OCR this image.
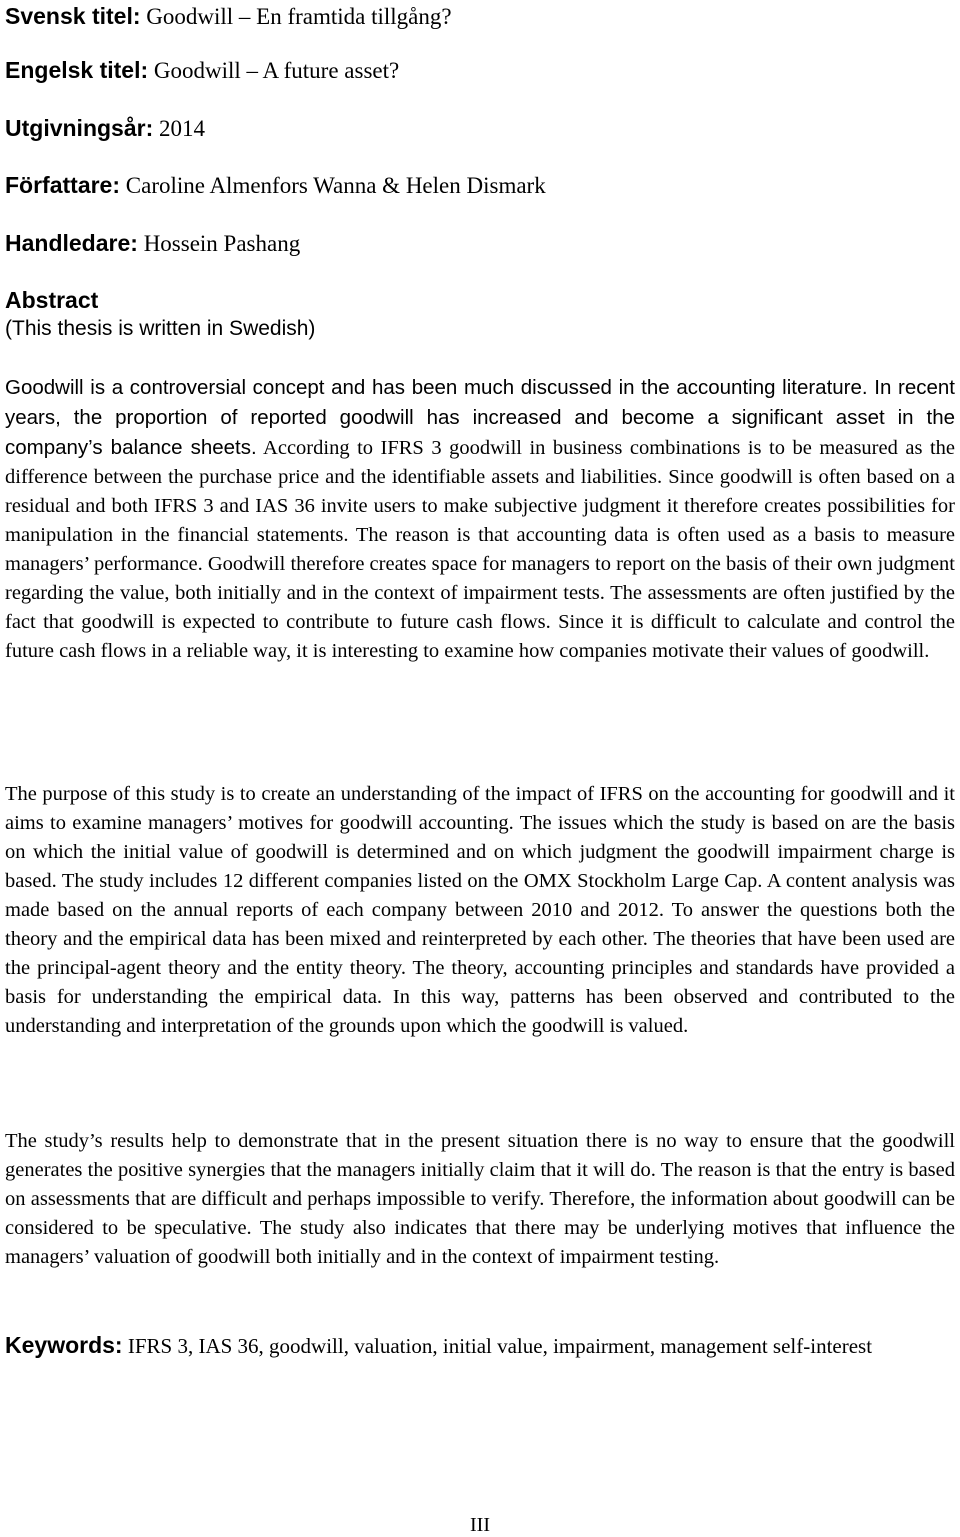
Svensk titel: Goodwill – En framtida tillgång?
Engelsk titel: Goodwill – A future asset?
Utgivningsår: 2014
Författare: Caroline Almenfors Wanna & Helen Dismark
Handledare: Hossein Pashang
Abstract
(This thesis is written in Swedish)
Goodwill is a controversial concept and has been much discussed in the accounting literature. In recent years, the proportion of reported goodwill has increased and become a significant asset in the company’s balance sheets. According to IFRS 3 goodwill in business combinations is to be measured as the difference between the purchase price and the identifiable assets and liabilities. Since goodwill is often based on a residual and both IFRS 3 and IAS 36 invite users to make subjective judgment it therefore creates possibilities for manipulation in the financial statements. The reason is that accounting data is often used as a basis to measure managers’ performance. Goodwill therefore creates space for managers to report on the basis of their own judgment regarding the value, both initially and in the context of impairment tests. The assessments are often justified by the fact that goodwill is expected to contribute to future cash flows. Since it is difficult to calculate and control the future cash flows in a reliable way, it is interesting to examine how companies motivate their values of goodwill.
The purpose of this study is to create an understanding of the impact of IFRS on the accounting for goodwill and it aims to examine managers’ motives for goodwill accounting. The issues which the study is based on are the basis on which the initial value of goodwill is determined and on which judgment the goodwill impairment charge is based. The study includes 12 different companies listed on the OMX Stockholm Large Cap. A content analysis was made based on the annual reports of each company between 2010 and 2012. To answer the questions both the theory and the empirical data has been mixed and reinterpreted by each other. The theories that have been used are the principal-agent theory and the entity theory. The theory, accounting principles and standards have provided a basis for understanding the empirical data. In this way, patterns has been observed and contributed to the understanding and interpretation of the grounds upon which the goodwill is valued.
The study’s results help to demonstrate that in the present situation there is no way to ensure that the goodwill generates the positive synergies that the managers initially claim that it will do. The reason is that the entry is based on assessments that are difficult and perhaps impossible to verify. Therefore, the information about goodwill can be considered to be speculative. The study also indicates that there may be underlying motives that influence the managers’ valuation of goodwill both initially and in the context of impairment testing.
Keywords: IFRS 3, IAS 36, goodwill, valuation, initial value, impairment, management self-interest
III
